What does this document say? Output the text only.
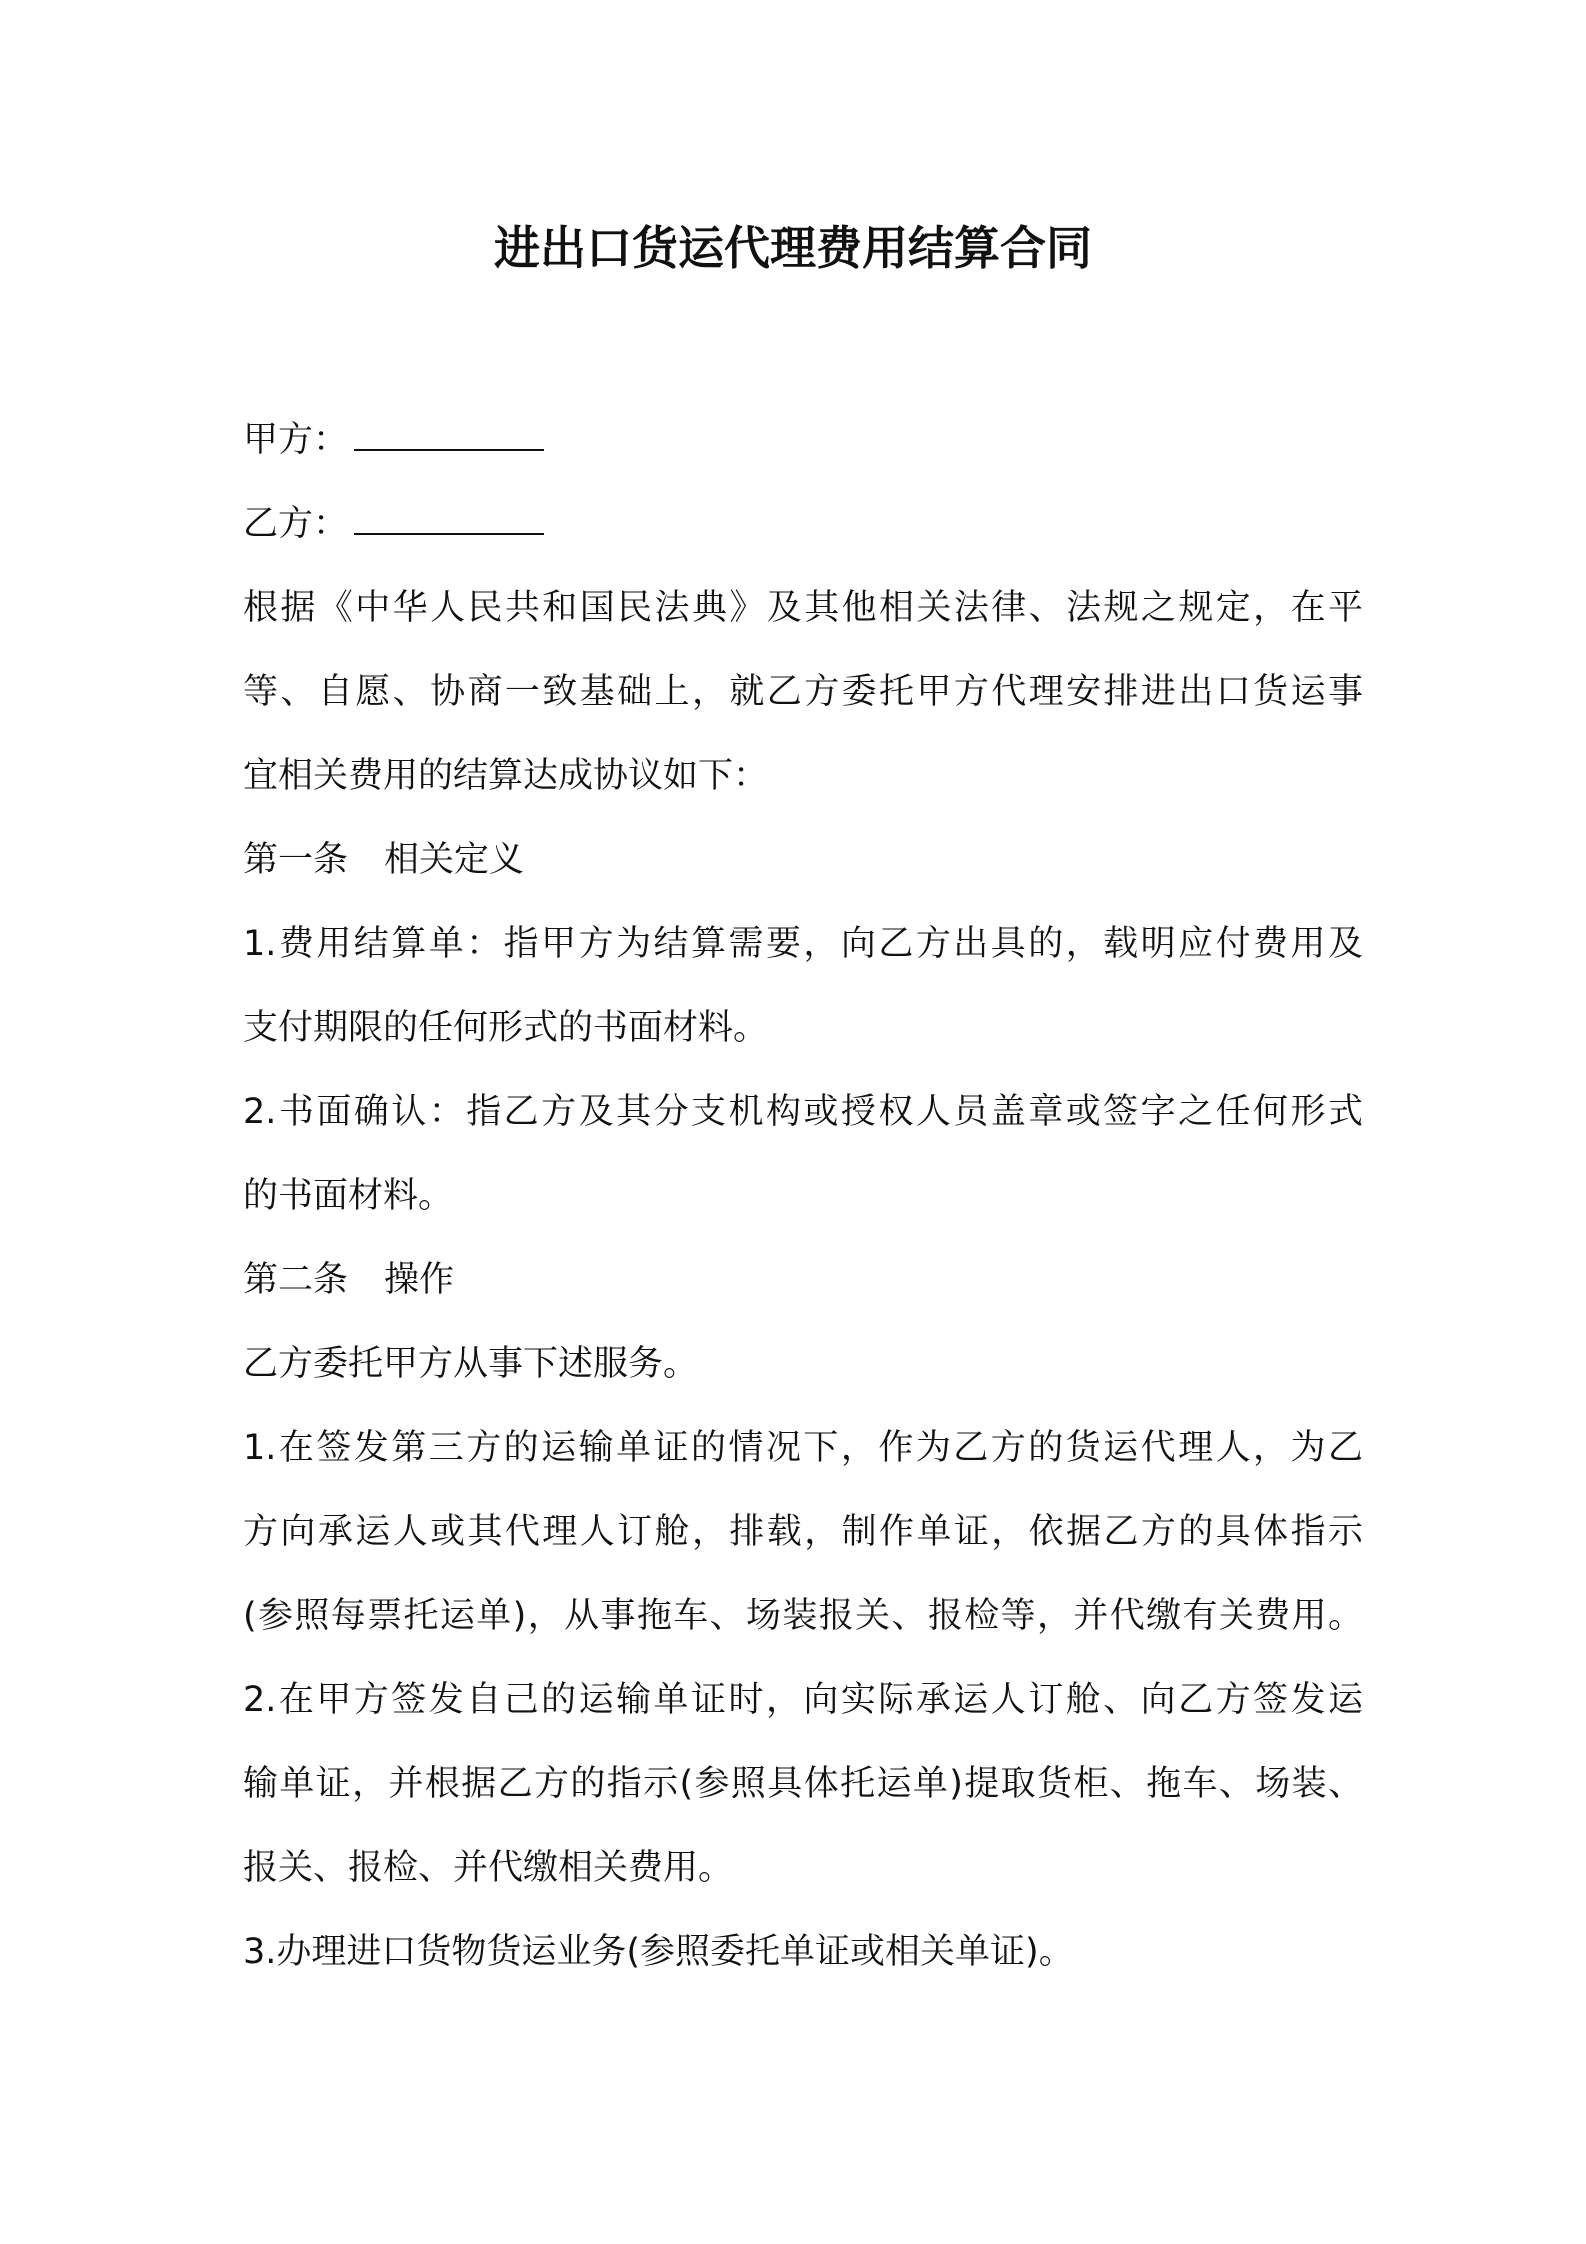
进出口货运代理费用结算合同
甲方：
乙方：
根据《中华人民共和国民法典》及其他相关法律、法规之规定，在平
等、自愿、协商一致基础上，就乙方委托甲方代理安排进出口货运事
宜相关费用的结算达成协议如下：
第一条 相关定义
1.费用结算单：指甲方为结算需要，向乙方出具的，载明应付费用及
支付期限的任何形式的书面材料。
2.书面确认：指乙方及其分支机构或授权人员盖章或签字之任何形式
的书面材料。
第二条 操作
乙方委托甲方从事下述服务。
1.在签发第三方的运输单证的情况下，作为乙方的货运代理人，为乙
方向承运人或其代理人订舱，排载，制作单证，依据乙方的具体指示
(参照每票托运单)，从事拖车、场装报关、报检等，并代缴有关费用。
2.在甲方签发自己的运输单证时，向实际承运人订舱、向乙方签发运
输单证，并根据乙方的指示(参照具体托运单)提取货柜、拖车、场装、
报关、报检、并代缴相关费用。
3.办理进口货物货运业务(参照委托单证或相关单证)。
